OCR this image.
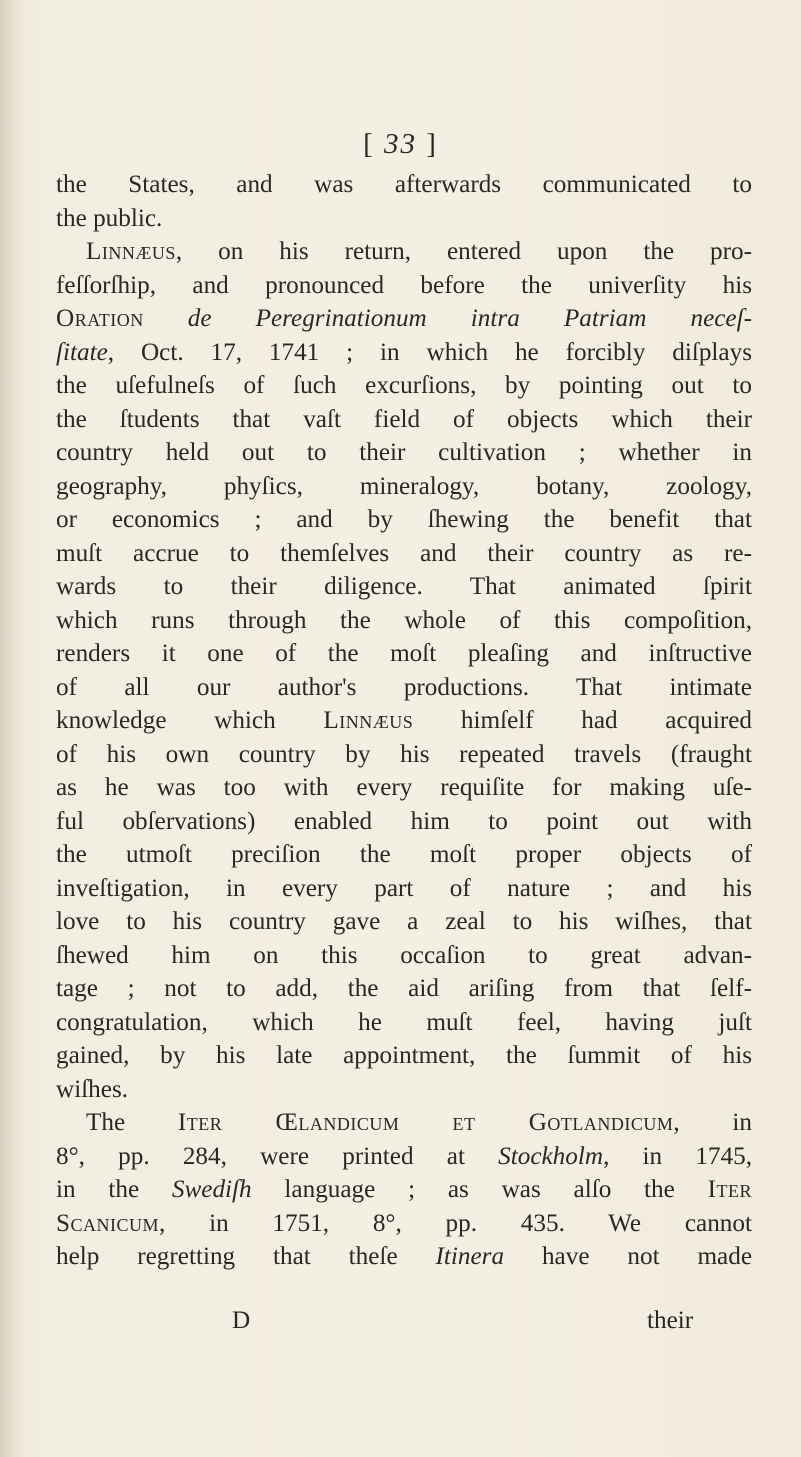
[ 33 ]
the States, and was afterwards communicated to
the public.
Linnæus, on his return, entered upon the pro-
feſſorſhip, and pronounced before the univerſity his
Oration de Peregrinationum intra Patriam neceſ-
ſitate, Oct. 17, 1741 ; in which he forcibly diſplays
the uſefulneſs of ſuch excurſions, by pointing out to
the ſtudents that vaſt field of objects which their
country held out to their cultivation ; whether in
geography, phyſics, mineralogy, botany, zoology,
or economics ; and by ſhewing the benefit that
muſt accrue to themſelves and their country as re-
wards to their diligence. That animated ſpirit
which runs through the whole of this compoſition,
renders it one of the moſt pleaſing and inſtructive
of all our author's productions. That intimate
knowledge which Linnæus himſelf had acquired
of his own country by his repeated travels (fraught
as he was too with every requiſite for making uſe-
ful obſervations) enabled him to point out with
the utmoſt preciſion the moſt proper objects of
inveſtigation, in every part of nature ; and his
love to his country gave a zeal to his wiſhes, that
ſhewed him on this occaſion to great advan-
tage ; not to add, the aid ariſing from that ſelf-
congratulation, which he muſt feel, having juſt
gained, by his late appointment, the ſummit of his
wiſhes.
The Iter Œlandicum et Gotlandicum, in
8°, pp. 284, were printed at Stockholm, in 1745,
in the Swediſh language ; as was alſo the Iter
Scanicum, in 1751, 8°, pp. 435. We cannot
help regretting that theſe Itinera have not made
D	their
